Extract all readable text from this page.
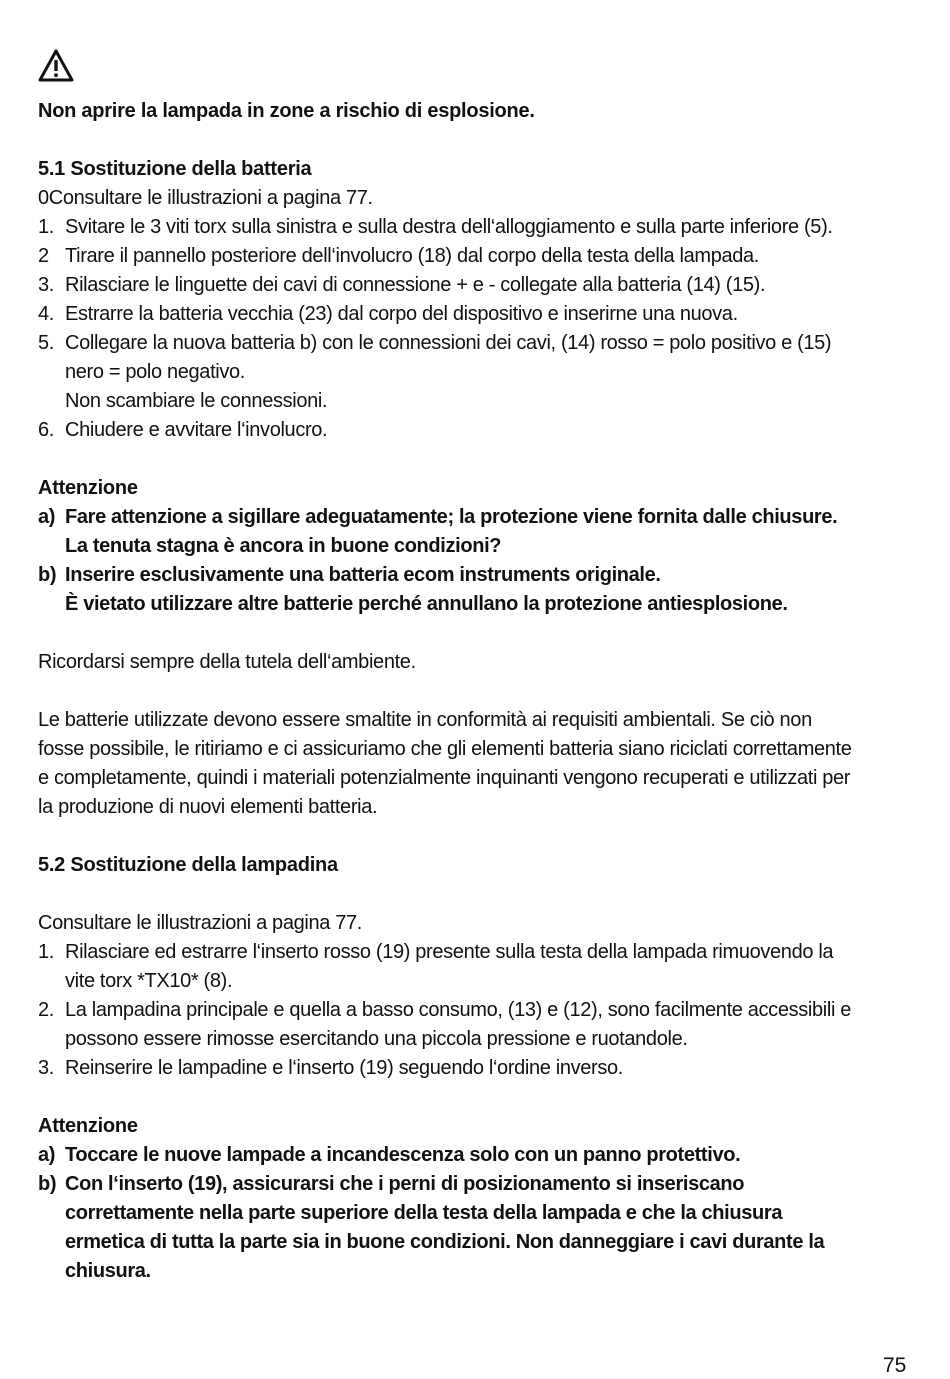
Non aprire la lampada in zone a rischio di esplosione.
5.1 Sostituzione della batteria
0Consultare le illustrazioni a pagina 77.
1. Svitare le 3 viti torx sulla sinistra e sulla destra dell‘alloggiamento e sulla parte inferiore (5).
2 Tirare il pannello posteriore dell‘involucro (18) dal corpo della testa della lampada.
3. Rilasciare le linguette dei cavi di connessione + e - collegate alla batteria (14) (15).
4. Estrarre la batteria vecchia (23) dal corpo del dispositivo e inserirne una nuova.
5. Collegare la nuova batteria b) con le connessioni dei cavi, (14) rosso = polo positivo e (15)
nero = polo negativo.
Non scambiare le connessioni.
6. Chiudere e avvitare l‘involucro.
Attenzione
a) Fare attenzione a sigillare adeguatamente; la protezione viene fornita dalle chiusure.
La tenuta stagna è ancora in buone condizioni?
b) Inserire esclusivamente una batteria ecom instruments originale.
È vietato utilizzare altre batterie perché annullano la protezione antiesplosione.
Ricordarsi sempre della tutela dell‘ambiente.
Le batterie utilizzate devono essere smaltite in conformità ai requisiti ambientali. Se ciò non
fosse possibile, le ritiriamo e ci assicuriamo che gli elementi batteria siano riciclati correttamente
e completamente, quindi i materiali potenzialmente inquinanti vengono recuperati e utilizzati per
la produzione di nuovi elementi batteria.
5.2 Sostituzione della lampadina
Consultare le illustrazioni a pagina 77.
1. Rilasciare ed estrarre l‘inserto rosso (19) presente sulla testa della lampada rimuovendo la
vite torx *TX10* (8).
2. La lampadina principale e quella a basso consumo, (13) e (12), sono facilmente accessibili e
possono essere rimosse esercitando una piccola pressione e ruotandole.
3. Reinserire le lampadine e l‘inserto (19) seguendo l‘ordine inverso.
Attenzione
a) Toccare le nuove lampade a incandescenza solo con un panno protettivo.
b) Con l‘inserto (19), assicurarsi che i perni di posizionamento si inseriscano
correttamente nella parte superiore della testa della lampada e che la chiusura
ermetica di tutta la parte sia in buone condizioni. Non danneggiare i cavi durante la
chiusura.
75
